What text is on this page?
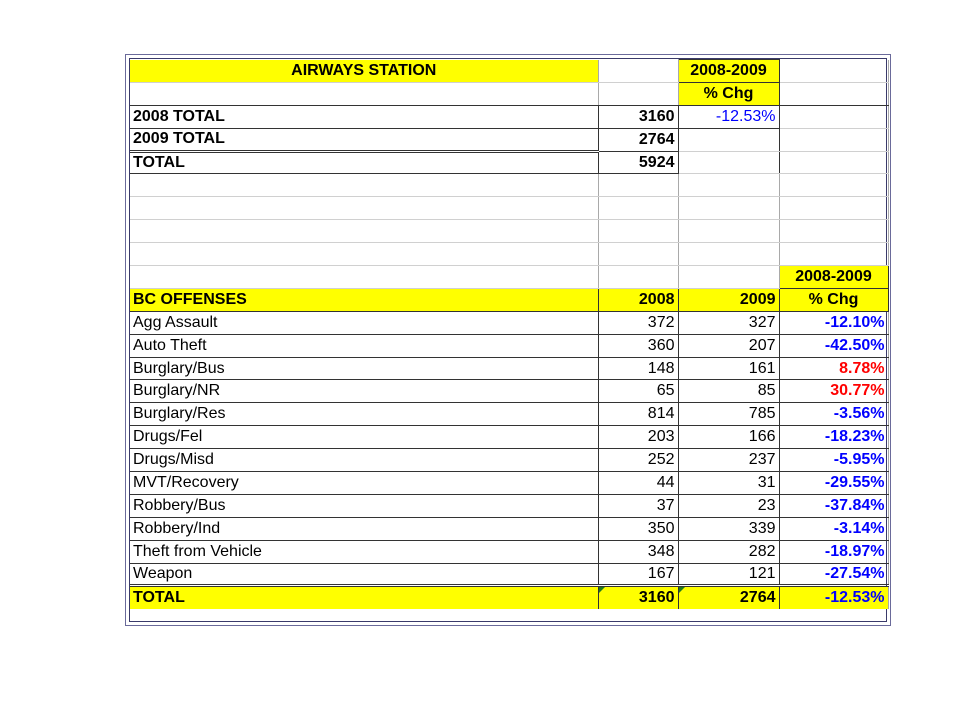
AIRWAYS STATION		2008-2009	
		% Chg	
2008 TOTAL	3160	-12.53%	
2009 TOTAL	2764		
TOTAL	5924		

			2008-2009
BC OFFENSES	2008	2009	% Chg
Agg Assault	372	327	-12.10%
Auto Theft	360	207	-42.50%
Burglary/Bus	148	161	8.78%
Burglary/NR	65	85	30.77%
Burglary/Res	814	785	-3.56%
Drugs/Fel	203	166	-18.23%
Drugs/Misd	252	237	-5.95%
MVT/Recovery	44	31	-29.55%
Robbery/Bus	37	23	-37.84%
Robbery/Ind	350	339	-3.14%
Theft from Vehicle	348	282	-18.97%
Weapon	167	121	-27.54%
TOTAL	3160	2764	-12.53%
